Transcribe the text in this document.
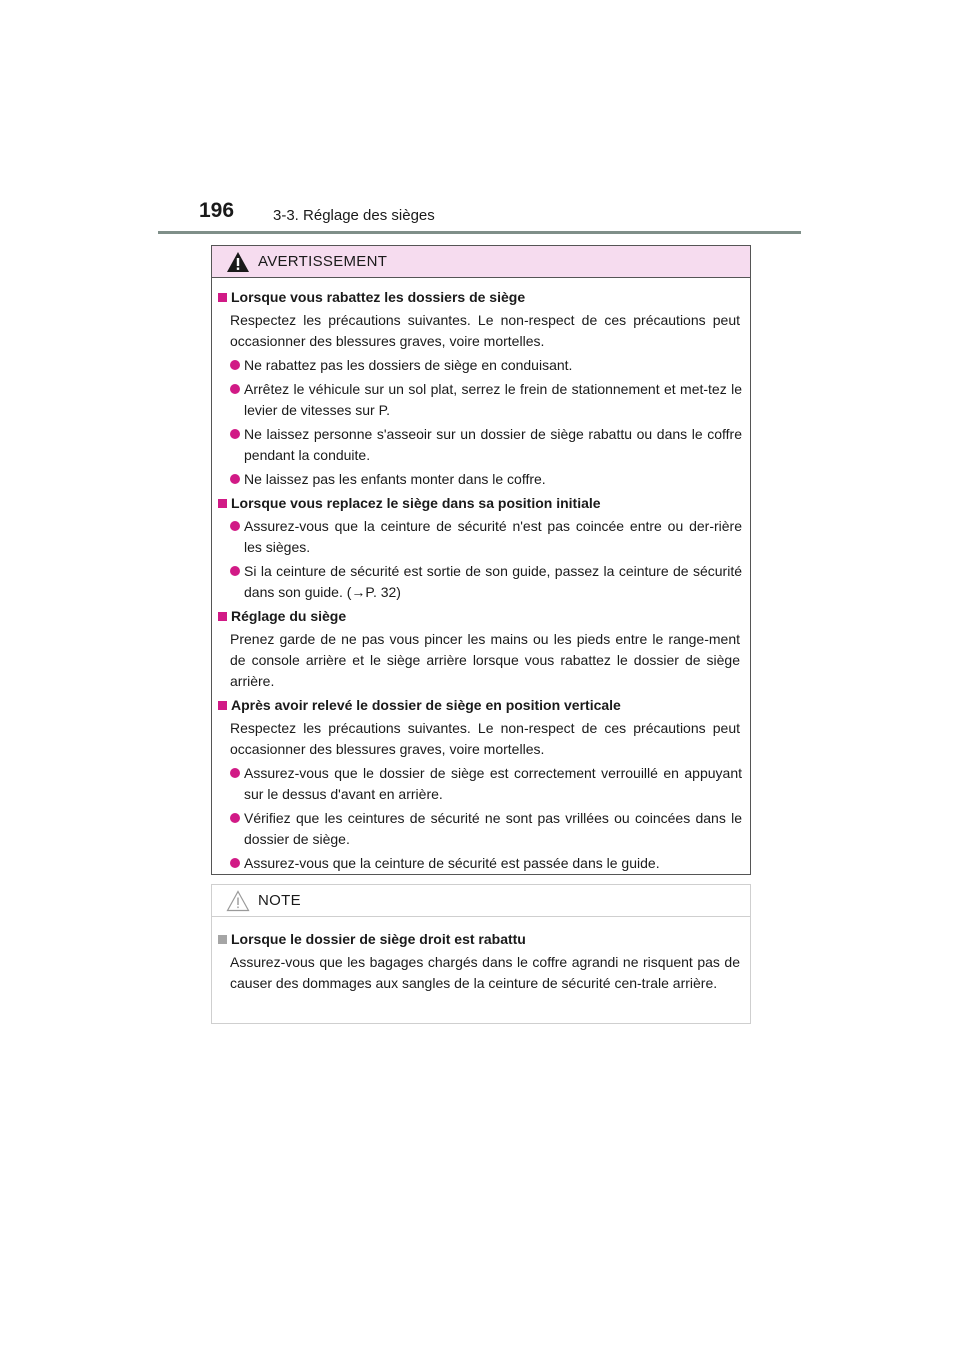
196	3-3. Réglage des sièges
AVERTISSEMENT
Lorsque vous rabattez les dossiers de siège
Respectez les précautions suivantes. Le non-respect de ces précautions peut occasionner des blessures graves, voire mortelles.
Ne rabattez pas les dossiers de siège en conduisant.
Arrêtez le véhicule sur un sol plat, serrez le frein de stationnement et met-tez le levier de vitesses sur P.
Ne laissez personne s'asseoir sur un dossier de siège rabattu ou dans le coffre pendant la conduite.
Ne laissez pas les enfants monter dans le coffre.
Lorsque vous replacez le siège dans sa position initiale
Assurez-vous que la ceinture de sécurité n'est pas coincée entre ou der-rière les sièges.
Si la ceinture de sécurité est sortie de son guide, passez la ceinture de sécurité dans son guide. (→P. 32)
Réglage du siège
Prenez garde de ne pas vous pincer les mains ou les pieds entre le range-ment de console arrière et le siège arrière lorsque vous rabattez le dossier de siège arrière.
Après avoir relevé le dossier de siège en position verticale
Respectez les précautions suivantes. Le non-respect de ces précautions peut occasionner des blessures graves, voire mortelles.
Assurez-vous que le dossier de siège est correctement verrouillé en appuyant sur le dessus d'avant en arrière.
Vérifiez que les ceintures de sécurité ne sont pas vrillées ou coincées dans le dossier de siège.
Assurez-vous que la ceinture de sécurité est passée dans le guide.
NOTE
Lorsque le dossier de siège droit est rabattu
Assurez-vous que les bagages chargés dans le coffre agrandi ne risquent pas de causer des dommages aux sangles de la ceinture de sécurité cen-trale arrière.
